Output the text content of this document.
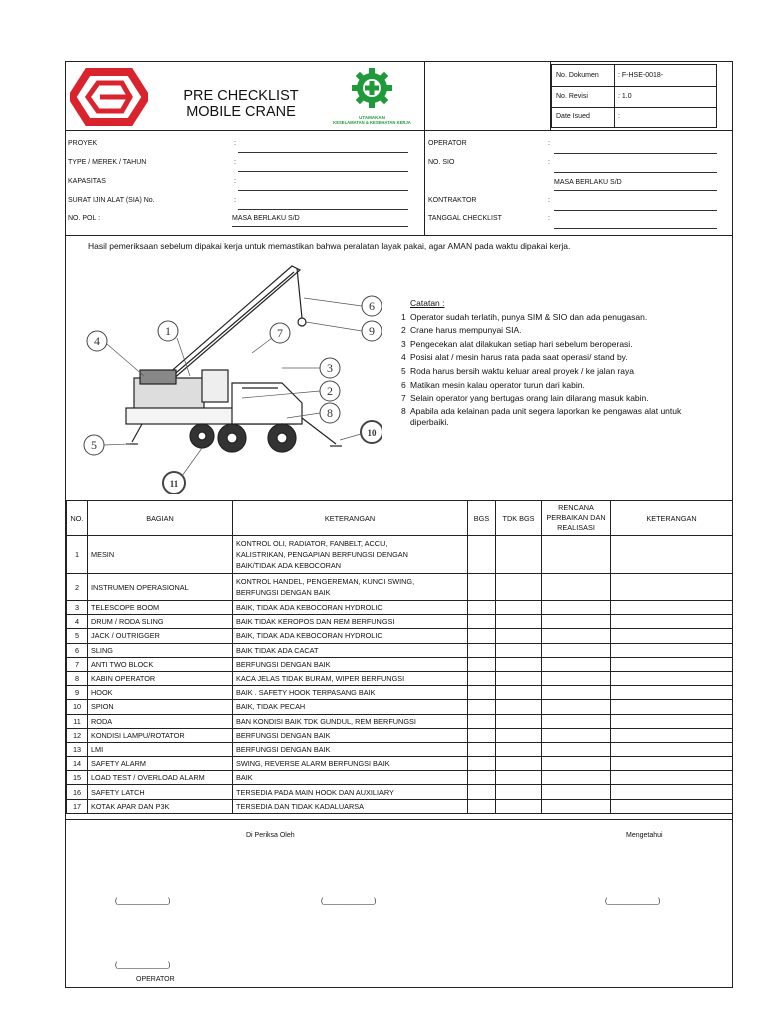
PRE CHECKLIST
MOBILE CRANE	UTAMAKAN
KESELAMATAN & KESEHATAN KERJA
No. Dokumen	: F-HSE-0018-
No. Revisi	: 1.0
Date Isued	:
PROYEK	:
TYPE / MEREK / TAHUN	:
KAPASITAS	:
SURAT IJIN ALAT (SIA) No.	:
NO. POL :	MASA BERLAKU S/D
OPERATOR	:
NO. SIO	:
MASA BERLAKU S/D
KONTRAKTOR	:
TANGGAL CHECKLIST	:
Hasil pemeriksaan sebelum dipakai kerja untuk memastikan bahwa peralatan layak pakai, agar AMAN pada waktu dipakai kerja.
1
2
3
4
5
6
7
8
9
10
11
Catatan :
1 Operator sudah terlatih, punya SIM & SIO dan ada penugasan.
2 Crane harus mempunyai SIA.
3 Pengecekan alat dilakukan setiap hari sebelum beroperasi.
4 Posisi alat / mesin harus rata pada saat operasi/ stand by.
5 Roda harus bersih waktu keluar areal proyek / ke jalan raya
6 Matikan mesin kalau operator turun dari kabin.
7 Selain operator yang bertugas orang lain dilarang masuk kabin.
8 Apabila ada kelainan pada unit segera laporkan ke pengawas alat untuk
diperbaiki.
NO.	BAGIAN	KETERANGAN	BGS	TDK BGS	RENCANA
PERBAIKAN DAN
REALISASI	KETERANGAN
1	MESIN	KONTROL OLI, RADIATOR, FANBELT, ACCU,
KALISTRIKAN, PENGAPIAN BERFUNGSI DENGAN
BAIK/TIDAK ADA KEBOCORAN				

2	INSTRUMEN OPERASIONAL	KONTROL HANDEL, PENGEREMAN, KUNCI SWING,
BERFUNGSI DENGAN BAIK				

3	TELESCOPE BOOM	BAIK, TIDAK ADA KEBOCORAN HYDROLIC				

4	DRUM / RODA SLING	BAIK TIDAK KEROPOS DAN REM BERFUNGSI				

5	JACK / OUTRIGGER	BAIK, TIDAK ADA KEBOCORAN HYDROLIC				

6	SLING	BAIK TIDAK ADA CACAT				

7	ANTI TWO BLOCK	BERFUNGSI DENGAN BAIK				

8	KABIN OPERATOR	KACA JELAS TIDAK BURAM, WIPER BERFUNGSI				

9	HOOK	BAIK . SAFETY HOOK TERPASANG BAIK				

10	SPION	BAIK, TIDAK PECAH				

11	RODA	BAN KONDISI BAIK TDK GUNDUL, REM BERFUNGSI				

12	KONDISI LAMPU/ROTATOR	BERFUNGSI DENGAN BAIK				

13	LMI	BERFUNGSI DENGAN BAIK				

14	SAFETY ALARM	SWING, REVERSE ALARM BERFUNGSI BAIK				

15	LOAD TEST / OVERLOAD ALARM	BAIK				

16	SAFETY LATCH	TERSEDIA PADA MAIN HOOK DAN AUXILIARY				

17	KOTAK APAR DAN P3K	TERSEDIA DAN TIDAK KADALUARSA				

Di Periksa Oleh	Mengetahui
(_____________)	(_____________)	(_____________)
(_____________)
OPERATOR
